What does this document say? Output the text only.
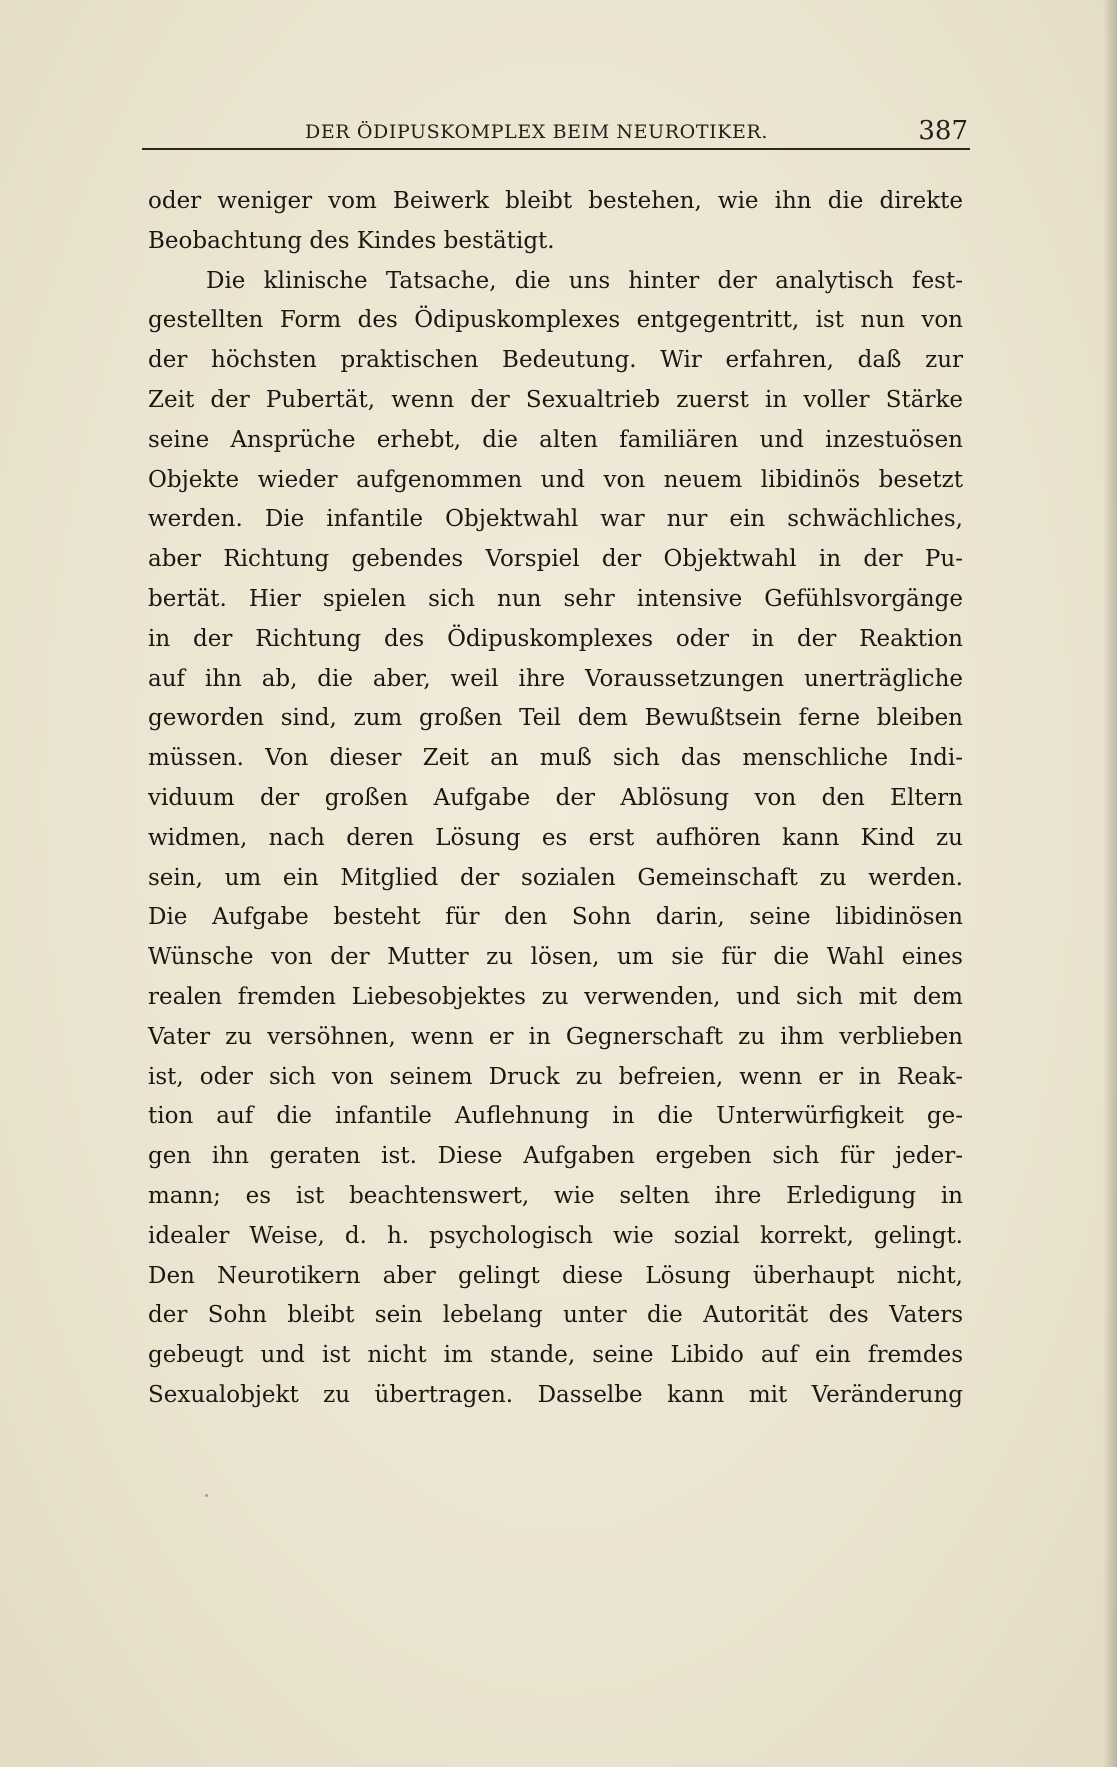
DER ÖDIPUSKOMPLEX BEIM NEUROTIKER.	387
oder weniger vom Beiwerk bleibt bestehen, wie ihn die direkte
Beobachtung des Kindes bestätigt.
Die klinische Tatsache, die uns hinter der analytisch fest-
gestellten Form des Ödipuskomplexes entgegentritt, ist nun von
der höchsten praktischen Bedeutung. Wir erfahren, daß zur
Zeit der Pubertät, wenn der Sexualtrieb zuerst in voller Stärke
seine Ansprüche erhebt, die alten familiären und inzestuösen
Objekte wieder aufgenommen und von neuem libidinös besetzt
werden. Die infantile Objektwahl war nur ein schwächliches,
aber Richtung gebendes Vorspiel der Objektwahl in der Pu-
bertät. Hier spielen sich nun sehr intensive Gefühlsvorgänge
in der Richtung des Ödipuskomplexes oder in der Reaktion
auf ihn ab, die aber, weil ihre Voraussetzungen unerträgliche
geworden sind, zum großen Teil dem Bewußtsein ferne bleiben
müssen. Von dieser Zeit an muß sich das menschliche Indi-
viduum der großen Aufgabe der Ablösung von den Eltern
widmen, nach deren Lösung es erst aufhören kann Kind zu
sein, um ein Mitglied der sozialen Gemeinschaft zu werden.
Die Aufgabe besteht für den Sohn darin, seine libidinösen
Wünsche von der Mutter zu lösen, um sie für die Wahl eines
realen fremden Liebesobjektes zu verwenden, und sich mit dem
Vater zu versöhnen, wenn er in Gegnerschaft zu ihm verblieben
ist, oder sich von seinem Druck zu befreien, wenn er in Reak-
tion auf die infantile Auflehnung in die Unterwürfigkeit ge-
gen ihn geraten ist. Diese Aufgaben ergeben sich für jeder-
mann; es ist beachtenswert, wie selten ihre Erledigung in
idealer Weise, d. h. psychologisch wie sozial korrekt, gelingt.
Den Neurotikern aber gelingt diese Lösung überhaupt nicht,
der Sohn bleibt sein lebelang unter die Autorität des Vaters
gebeugt und ist nicht im stande, seine Libido auf ein fremdes
Sexualobjekt zu übertragen. Dasselbe kann mit Veränderung
